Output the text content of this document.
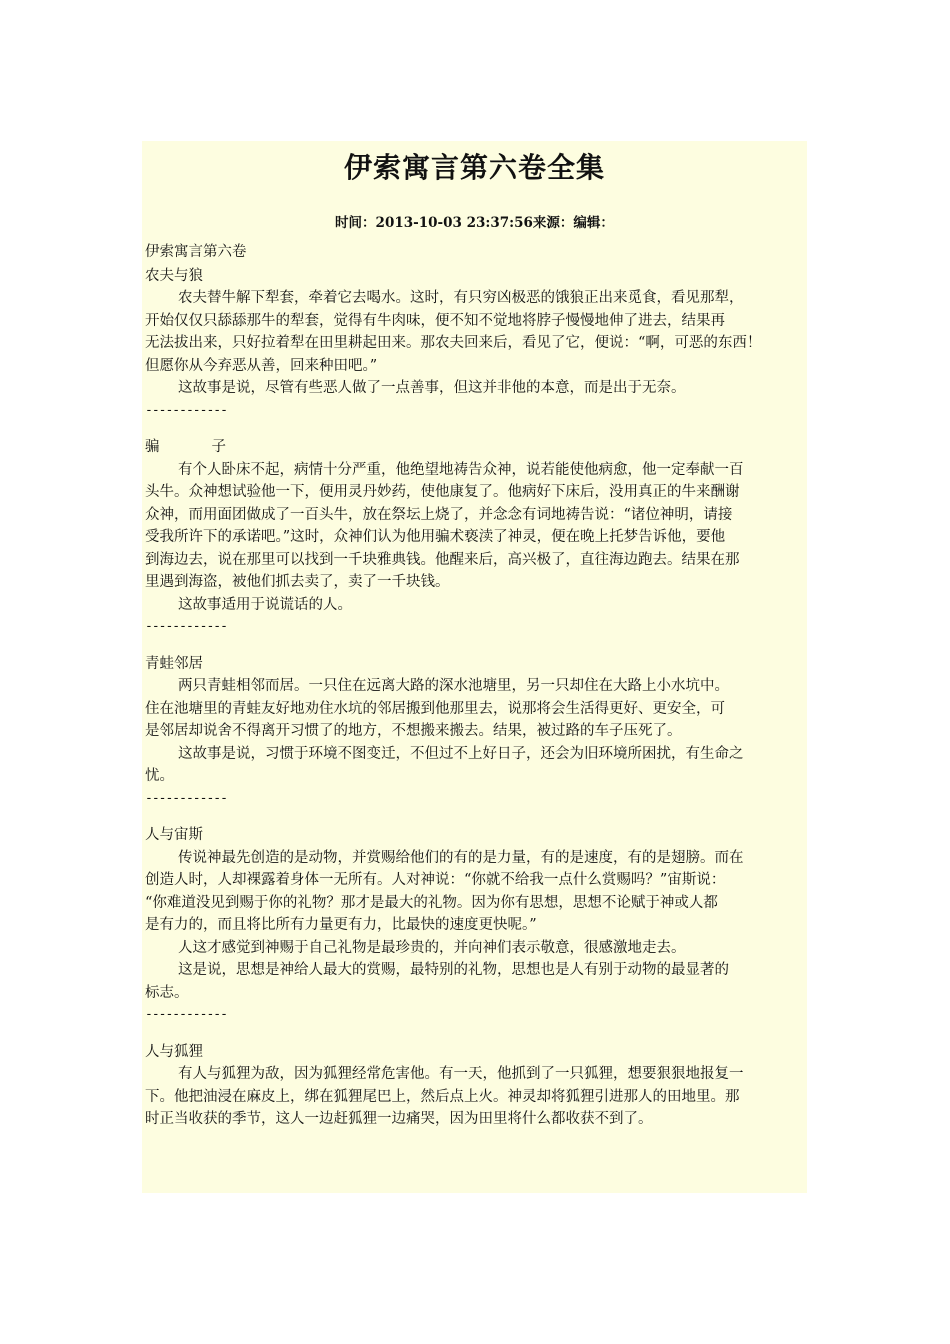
伊索寓言第六卷全集
时间：2013-10-03 23:37:56来源：编辑：
伊索寓言第六卷
农夫与狼
农夫替牛解下犁套，牵着它去喝水。这时，有只穷凶极恶的饿狼正出来觅食，看见那犁，
开始仅仅只舔舔那牛的犁套，觉得有牛肉味，便不知不觉地将脖子慢慢地伸了进去，结果再
无法拔出来，只好拉着犁在田里耕起田来。那农夫回来后，看见了它，便说：“啊，可恶的东西！
但愿你从今弃恶从善，回来种田吧。”
这故事是说，尽管有些恶人做了一点善事，但这并非他的本意，而是出于无奈。
------------
骗	子
有个人卧床不起，病情十分严重，他绝望地祷告众神，说若能使他病愈，他一定奉献一百
头牛。众神想试验他一下，便用灵丹妙药，使他康复了。他病好下床后，没用真正的牛来酬谢
众神，而用面团做成了一百头牛，放在祭坛上烧了，并念念有词地祷告说：“诸位神明，请接
受我所许下的承诺吧。”这时，众神们认为他用骗术亵渎了神灵，便在晚上托梦告诉他，要他
到海边去，说在那里可以找到一千块雅典钱。他醒来后，高兴极了，直往海边跑去。结果在那
里遇到海盗，被他们抓去卖了，卖了一千块钱。
这故事适用于说谎话的人。
------------
青蛙邻居
两只青蛙相邻而居。一只住在远离大路的深水池塘里，另一只却住在大路上小水坑中。
住在池塘里的青蛙友好地劝住水坑的邻居搬到他那里去，说那将会生活得更好、更安全，可
是邻居却说舍不得离开习惯了的地方，不想搬来搬去。结果，被过路的车子压死了。
这故事是说，习惯于环境不图变迁，不但过不上好日子，还会为旧环境所困扰，有生命之
忧。
------------
人与宙斯
传说神最先创造的是动物，并赏赐给他们的有的是力量，有的是速度，有的是翅膀。而在
创造人时，人却裸露着身体一无所有。人对神说：“你就不给我一点什么赏赐吗？”宙斯说：
“你难道没见到赐于你的礼物？那才是最大的礼物。因为你有思想，思想不论赋于神或人都
是有力的，而且将比所有力量更有力，比最快的速度更快呢。”
人这才感觉到神赐于自己礼物是最珍贵的，并向神们表示敬意，很感激地走去。
这是说，思想是神给人最大的赏赐，最特别的礼物，思想也是人有别于动物的最显著的
标志。
------------
人与狐狸
有人与狐狸为敌，因为狐狸经常危害他。有一天，他抓到了一只狐狸，想要狠狠地报复一
下。他把油浸在麻皮上，绑在狐狸尾巴上，然后点上火。神灵却将狐狸引进那人的田地里。那
时正当收获的季节，这人一边赶狐狸一边痛哭，因为田里将什么都收获不到了。
